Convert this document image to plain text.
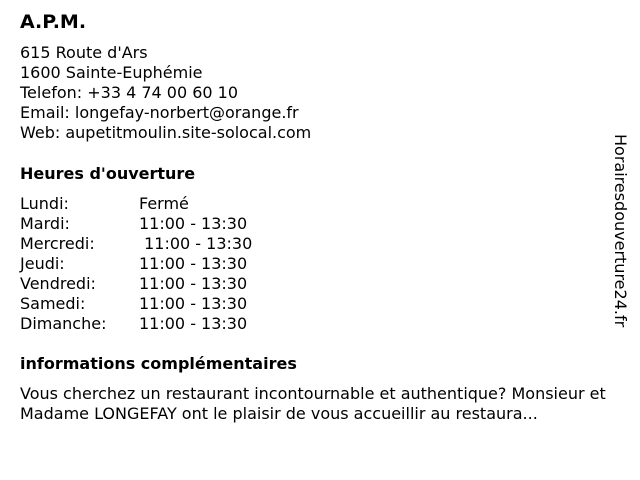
A.P.M.
615 Route d'Ars
1600 Sainte-Euphémie
Telefon: +33 4 74 00 60 10
Email: longefay-norbert@orange.fr
Web: aupetitmoulin.site-solocal.com
Heures d'ouverture
Lundi:	Fermé
Mardi:	11:00 - 13:30
Mercredi:	11:00 - 13:30
Jeudi:	11:00 - 13:30
Vendredi:	11:00 - 13:30
Samedi:	11:00 - 13:30
Dimanche: 11:00 - 13:30
informations complémentaires
Vous cherchez un restaurant incontournable et authentique? Monsieur et Madame LONGEFAY ont le plaisir de vous accueillir au restaura...
Horairesdouverture24.fr
